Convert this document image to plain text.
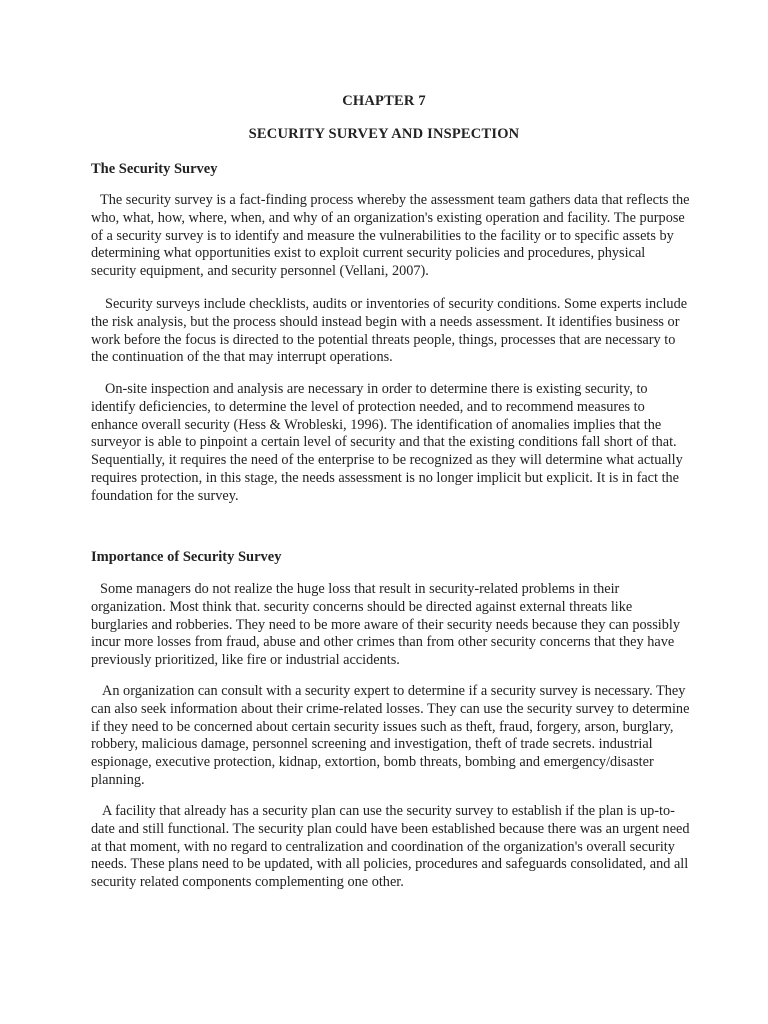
CHAPTER 7
SECURITY SURVEY AND INSPECTION
The Security Survey

The security survey is a fact-finding process whereby the assessment team gathers data that reflects the who, what, how, where, when, and why of an organization's existing operation and facility. The purpose of a security survey is to identify and measure the vulnerabilities to the facility or to specific assets by determining what opportunities exist to exploit current security policies and procedures, physical security equipment, and security personnel (Vellani, 2007).

Security surveys include checklists, audits or inventories of security conditions. Some experts include the risk analysis, but the process should instead begin with a needs assessment. It identifies business or work before the focus is directed to the potential threats people, things, processes that are necessary to the continuation of the that may interrupt operations.

On-site inspection and analysis are necessary in order to determine there is existing security, to identify deficiencies, to determine the level of protection needed, and to recommend measures to enhance overall security (Hess & Wrobleski, 1996). The identification of anomalies implies that the surveyor is able to pinpoint a certain level of security and that the existing conditions fall short of that. Sequentially, it requires the need of the enterprise to be recognized as they will determine what actually requires protection, in this stage, the needs assessment is no longer implicit but explicit. It is in fact the foundation for the survey.

Importance of Security Survey

Some managers do not realize the huge loss that result in security-related problems in their organization. Most think that. security concerns should be directed against external threats like burglaries and robberies. They need to be more aware of their security needs because they can possibly incur more losses from fraud, abuse and other crimes than from other security concerns that they have previously prioritized, like fire or industrial accidents.

An organization can consult with a security expert to determine if a security survey is necessary. They can also seek information about their crime-related losses. They can use the security survey to determine if they need to be concerned about certain security issues such as theft, fraud, forgery, arson, burglary, robbery, malicious damage, personnel screening and investigation, theft of trade secrets. industrial espionage, executive protection, kidnap, extortion, bomb threats, bombing and emergency/disaster planning.

A facility that already has a security plan can use the security survey to establish if the plan is up-to-date and still functional. The security plan could have been established because there was an urgent need at that moment, with no regard to centralization and coordination of the organization's overall security needs. These plans need to be updated, with all policies, procedures and safeguards consolidated, and all security related components complementing one other.
